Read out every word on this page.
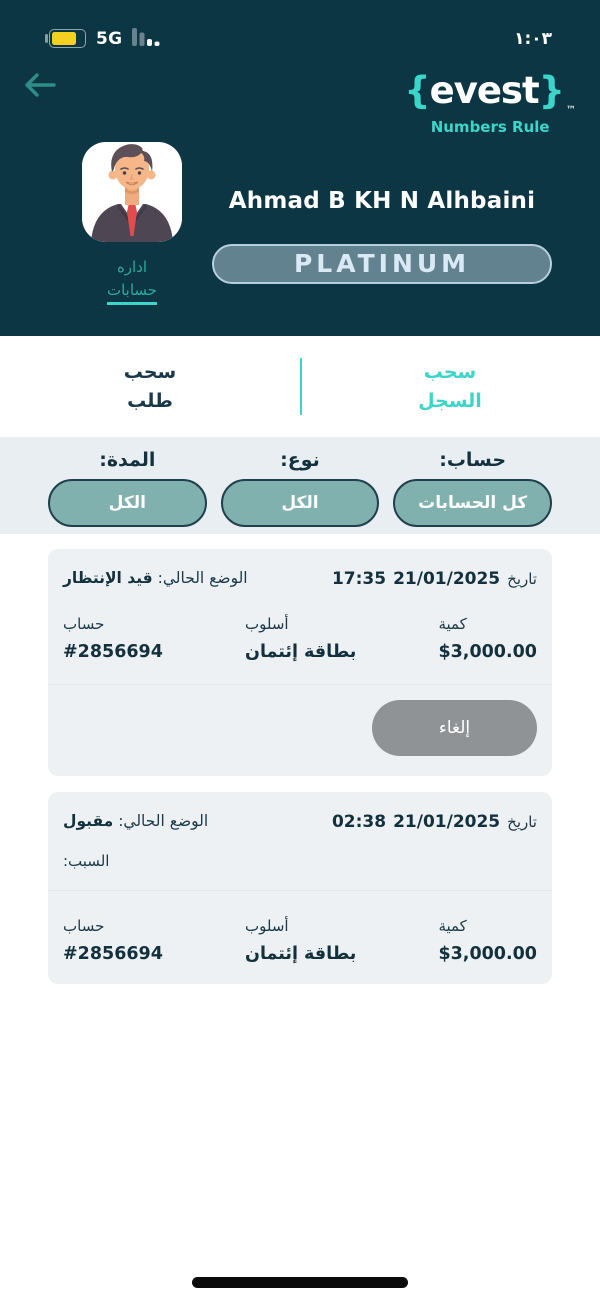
5G	١:٠٣
{evest} $_™$
Numbers Rule
اداره
حسابات
Ahmad B KH N Alhbaini
PLATINUM
سحب
طلب
سحب
السجل
حساب:
كل الحسابات
نوع:
الكل
المدة:
الكل
تاريخ
21/01/2025
17:35
الوضع الحالي: قيد الإنتظار
كمية
$3,000.00
أسلوب
بطاقة إئتمان
حساب
#2856694
إلغاء
تاريخ
21/01/2025
02:38
الوضع الحالي: مقبول
السبب:
كمية
$3,000.00
أسلوب
بطاقة إئتمان
حساب
#2856694
